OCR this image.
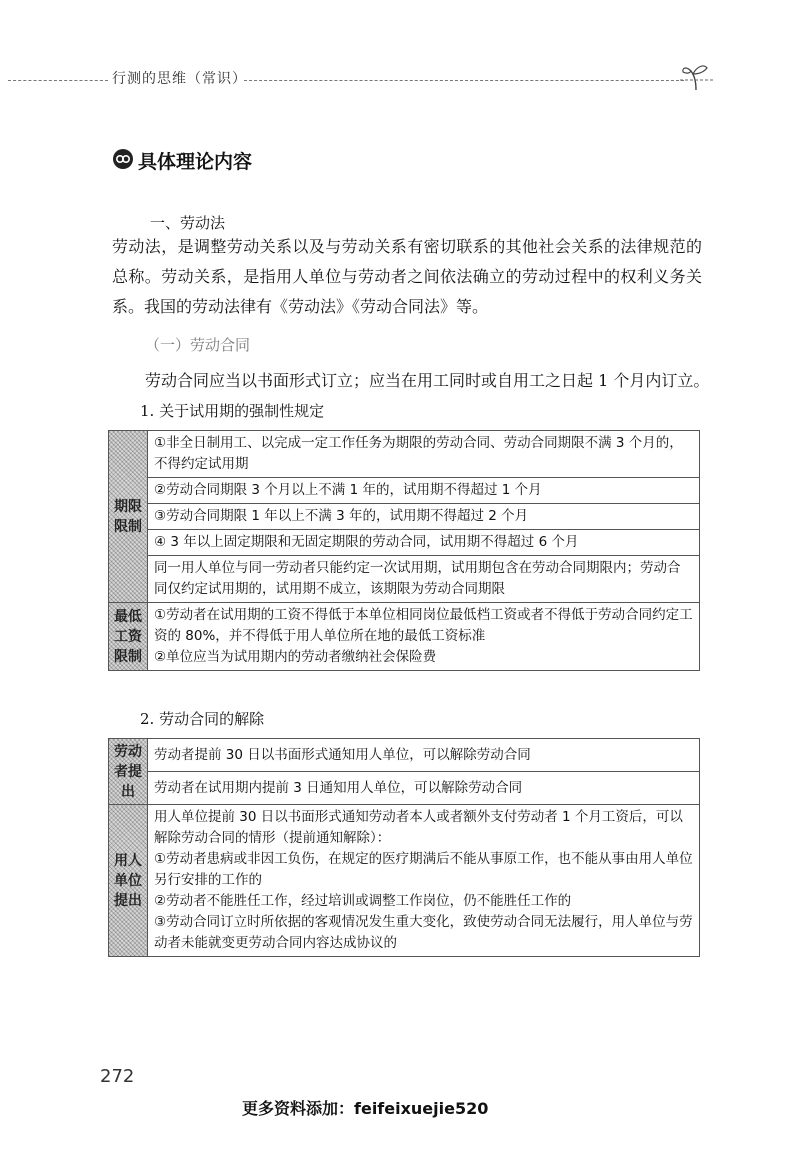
行测的思维（常识）
具体理论内容
一、劳动法
劳动法，是调整劳动关系以及与劳动关系有密切联系的其他社会关系的法律规范的总称。劳动关系，是指用人单位与劳动者之间依法确立的劳动过程中的权利义务关系。我国的劳动法律有《劳动法》《劳动合同法》等。
（一）劳动合同
劳动合同应当以书面形式订立；应当在用工同时或自用工之日起 1 个月内订立。
1. 关于试用期的强制性规定
期限限制	①非全日制用工、以完成一定工作任务为期限的劳动合同、劳动合同期限不满 3 个月的，不得约定试用期
	②劳动合同期限 3 个月以上不满 1 年的，试用期不得超过 1 个月
	③劳动合同期限 1 年以上不满 3 年的，试用期不得超过 2 个月
	④ 3 年以上固定期限和无固定期限的劳动合同，试用期不得超过 6 个月
	同一用人单位与同一劳动者只能约定一次试用期，试用期包含在劳动合同期限内；劳动合同仅约定试用期的，试用期不成立，该期限为劳动合同期限
最低工资限制	①劳动者在试用期的工资不得低于本单位相同岗位最低档工资或者不得低于劳动合同约定工资的 80%，并不得低于用人单位所在地的最低工资标准
②单位应当为试用期内的劳动者缴纳社会保险费
2. 劳动合同的解除
劳动者提出	劳动者提前 30 日以书面形式通知用人单位，可以解除劳动合同
	劳动者在试用期内提前 3 日通知用人单位，可以解除劳动合同
用人单位提出	用人单位提前 30 日以书面形式通知劳动者本人或者额外支付劳动者 1 个月工资后，可以解除劳动合同的情形（提前通知解除）：
①劳动者患病或非因工负伤，在规定的医疗期满后不能从事原工作，也不能从事由用人单位另行安排的工作的
②劳动者不能胜任工作，经过培训或调整工作岗位，仍不能胜任工作的
③劳动合同订立时所依据的客观情况发生重大变化，致使劳动合同无法履行，用人单位与劳动者未能就变更劳动合同内容达成协议的
272
更多资料添加：feifeixuejie520
